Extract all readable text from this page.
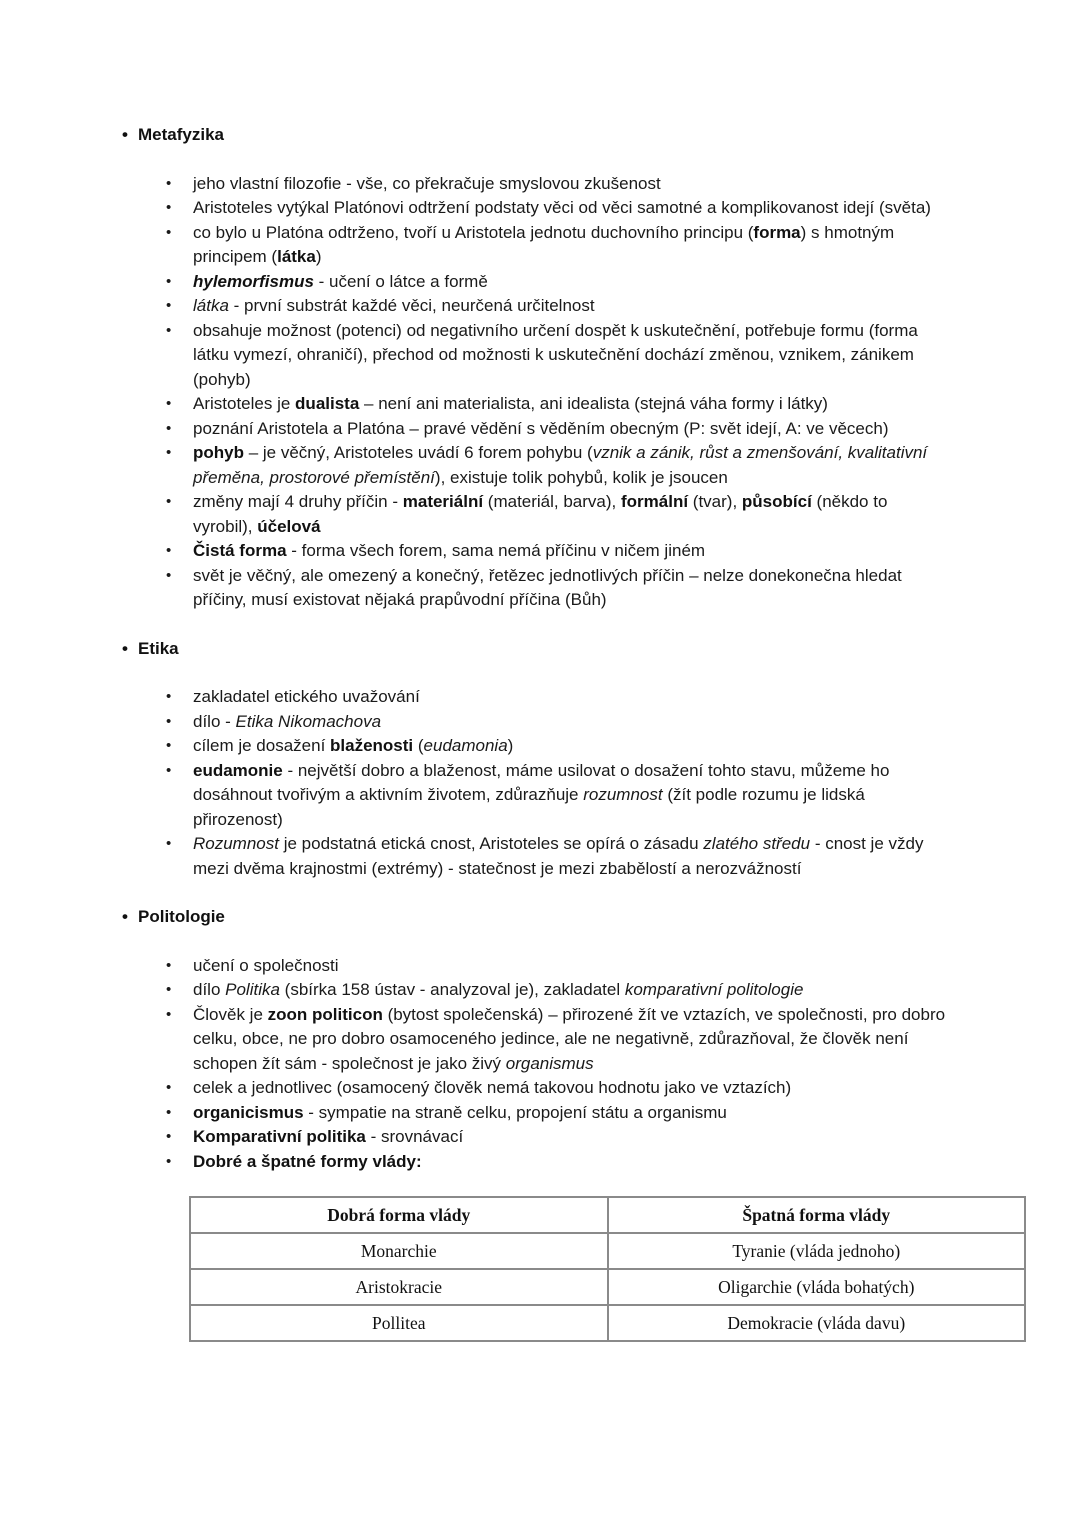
• Metafyzika
•	jeho vlastní filozofie - vše, co překračuje smyslovou zkušenost
•	Aristoteles vytýkal Platónovi odtržení podstaty věci od věci samotné a komplikovanost idejí (světa)
•	co bylo u Platóna odtrženo, tvoří u Aristotela jednotu duchovního principu (forma) s hmotným principem (látka)
•	hylemorfismus - učení o látce a formě
•	látka - první substrát každé věci, neurčená určitelnost
•	obsahuje možnost (potenci) od negativního určení dospět k uskutečnění, potřebuje formu (forma látku vymezí, ohraničí), přechod od možnosti k uskutečnění dochází změnou, vznikem, zánikem (pohyb)
•	Aristoteles je dualista – není ani materialista, ani idealista (stejná váha formy i látky)
•	poznání Aristotela a Platóna – pravé vědění s věděním obecným (P: svět idejí, A: ve věcech)
•	pohyb – je věčný, Aristoteles uvádí 6 forem pohybu (vznik a zánik, růst a zmenšování, kvalitativní přeměna, prostorové přemístění), existuje tolik pohybů, kolik je jsoucen
•	změny mají 4 druhy příčin - materiální (materiál, barva), formální (tvar), působící (někdo to vyrobil), účelová
•	Čistá forma - forma všech forem, sama nemá příčinu v ničem jiném
•	svět je věčný, ale omezený a konečný, řetězec jednotlivých příčin – nelze donekonečna hledat příčiny, musí existovat nějaká prapůvodní příčina (Bůh)
• Etika
•	zakladatel etického uvažování
•	dílo - Etika Nikomachova
•	cílem je dosažení blaženosti (eudamonia)
•	eudamonie - největší dobro a blaženost, máme usilovat o dosažení tohto stavu, můžeme ho dosáhnout tvořivým a aktivním životem, zdůrazňuje rozumnost (žít podle rozumu je lidská přirozenost)
•	Rozumnost je podstatná etická cnost, Aristoteles se opírá o zásadu zlatého středu - cnost je vždy mezi dvěma krajnostmi (extrémy) - statečnost je mezi zbabělostí a nerozvážností
• Politologie
•	učení o společnosti
•	dílo Politika (sbírka 158 ústav - analyzoval je), zakladatel komparativní politologie
•	Člověk je zoon politicon (bytost společenská) – přirozené žít ve vztazích, ve společnosti, pro dobro celku, obce, ne pro dobro osamoceného jedince, ale ne negativně, zdůrazňoval, že člověk není schopen žít sám - společnost je jako živý organismus
•	celek a jednotlivec (osamocený člověk nemá takovou hodnotu jako ve vztazích)
•	organicismus - sympatie na straně celku, propojení státu a organismu
•	Komparativní politika - srovnávací
•	Dobré a špatné formy vlády:
Dobrá forma vlády	Špatná forma vlády
Monarchie	Tyranie (vláda jednoho)
Aristokracie	Oligarchie (vláda bohatých)
Pollitea	Demokracie (vláda davu)
